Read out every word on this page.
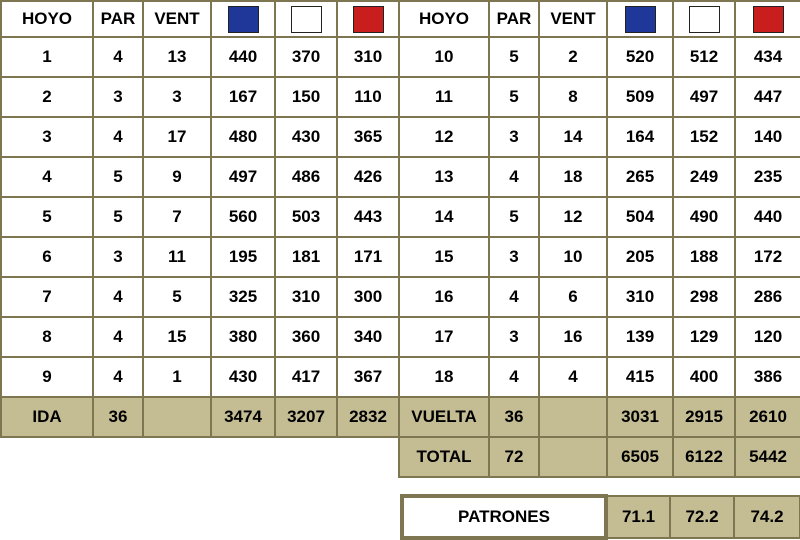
HOYO	PAR	VENT				HOYO	PAR	VENT			
1	4	13	440	370	310	10	5	2	520	512	434
2	3	3	167	150	110	11	5	8	509	497	447
3	4	17	480	430	365	12	3	14	164	152	140
4	5	9	497	486	426	13	4	18	265	249	235
5	5	7	560	503	443	14	5	12	504	490	440
6	3	11	195	181	171	15	3	10	205	188	172
7	4	5	325	310	300	16	4	6	310	298	286
8	4	15	380	360	340	17	3	16	139	129	120
9	4	1	430	417	367	18	4	4	415	400	386
IDA	36		3474	3207	2832	VUELTA	36		3031	2915	2610
						TOTAL	72		6505	6122	5442
PATRONES	71.1	72.2	74.2
